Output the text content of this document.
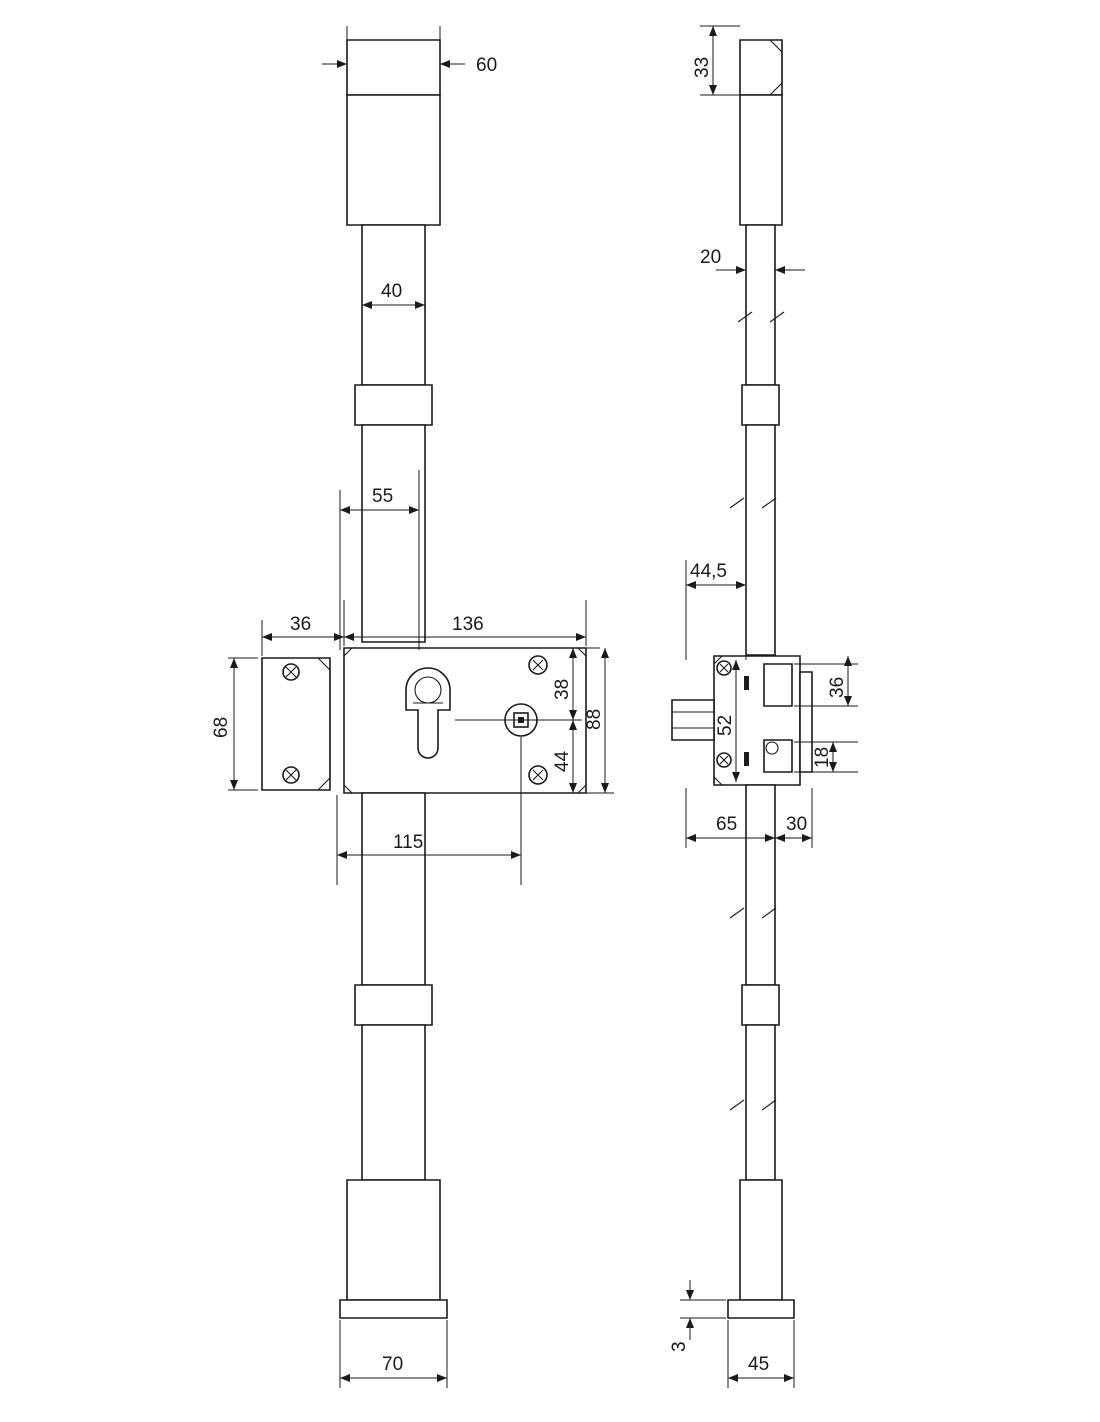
60
40
55
36	136
68
38
44
88
115
70
33
20
44,5
52
36
18
65	30
3
45
